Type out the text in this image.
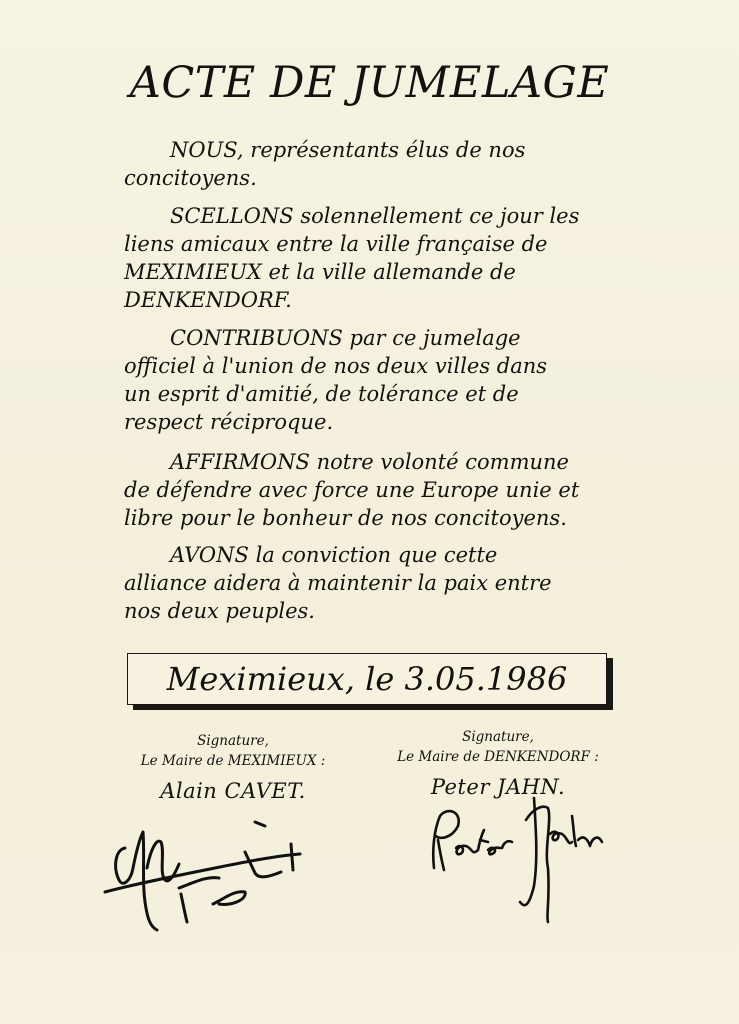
ACTE DE JUMELAGE
NOUS, représentants élus de nos
concitoyens.
SCELLONS solennellement ce jour les
liens amicaux entre la ville française de
MEXIMIEUX et la ville allemande de
DENKENDORF.
CONTRIBUONS par ce jumelage
officiel à l'union de nos deux villes dans
un esprit d'amitié, de tolérance et de
respect réciproque.
AFFIRMONS notre volonté commune
de défendre avec force une Europe unie et
libre pour le bonheur de nos concitoyens.
AVONS la conviction que cette
alliance aidera à maintenir la paix entre
nos deux peuples.
Meximieux, le 3.05.1986
Signature,
Le Maire de MEXIMIEUX :
Alain CAVET.
Signature,
Le Maire de DENKENDORF :
Peter JAHN.
